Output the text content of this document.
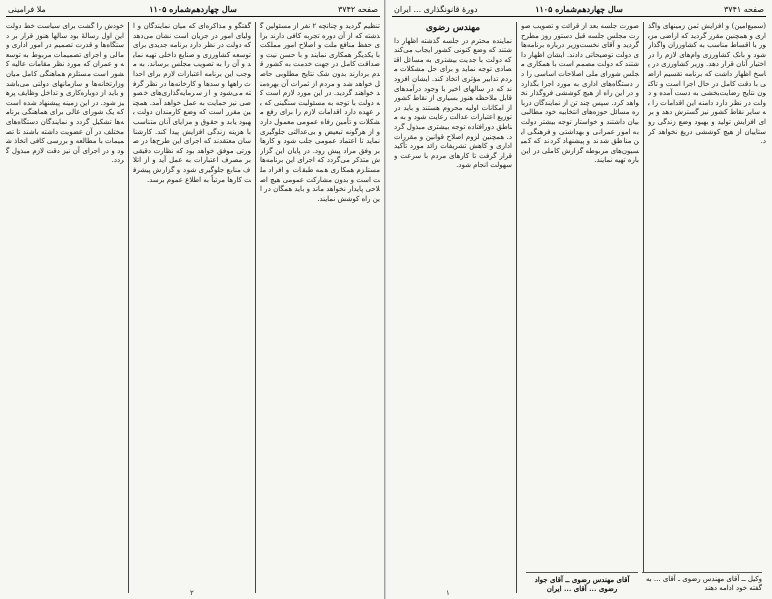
صفحه ۳۷۴۲
سال چهاردهم‌شماره ۱۱۰۵
ملا فرامینی‌
تنظیم گردید و چنانچه ۲ نفر از مسئولین گذشته که از آن دوره تجربه کافی دارند برای حفظ منافع ملت و اصلاح امور مملکت با یکدیگر همکاری نمایند و با حسن نیت و صداقت کامل در جهت خدمت به کشور قدم بردارند بدون شک نتایج مطلوبی حاصل خواهد شد و مردم از ثمرات آن بهره‌مند خواهند گردید. در این مورد لازم است که دولت با توجه به مسئولیت سنگینی که بر عهده دارد اقدامات لازم را برای رفع مشکلات و تأمین رفاه عمومی معمول دارد و از هرگونه تبعیض و بی‌عدالتی جلوگیری نماید تا اعتماد عمومی جلب شود و کارها بر وفق مراد پیش رود. در پایان این گزارش متذکر می‌گردد که اجرای این برنامه‌ها مستلزم همکاری همه طبقات و افراد ملت است و بدون مشارکت عمومی هیچ اصلاحی پایدار نخواهد ماند و باید همگان در این راه کوشش نمایند.
گفتگو و مذاکره‌ای که میان نمایندگان و اولیای امور در جریان است نشان می‌دهد که دولت در نظر دارد برنامه جدیدی برای توسعه کشاورزی و صنایع داخلی تهیه نماید و آن را به تصویب مجلس برساند. به موجب این برنامه اعتبارات لازم برای احداث راهها و سدها و کارخانه‌ها در نظر گرفته می‌شود و از سرمایه‌گذاری‌های خصوصی نیز حمایت به عمل خواهد آمد. همچنین مقرر است که وضع کارمندان دولت بهبود یابد و حقوق و مزایای آنان متناسب با هزینه زندگی افزایش پیدا کند. کارشناسان معتقدند که اجرای این طرح‌ها در صورتی موفق خواهد بود که نظارت دقیقی بر مصرف اعتبارات به عمل آید و از اتلاف منابع جلوگیری شود و گزارش پیشرفت کارها مرتباً به اطلاع عموم برسد.
خودش را گشت برای سیاست خط دولت این اول رسالۀ بود سالها هنوز قرار بر دستگاه‌ها و قدرت تصمیم در امور اداری و مالی و اجرای تصمیمات مربوط به توسعه و عمران که مورد نظر مقامات عالیه کشور است مستلزم هماهنگی کامل میان وزارتخانه‌ها و سازمانهای دولتی می‌باشد و باید از دوباره‌کاری و تداخل وظایف پرهیز شود. در این زمینه پیشنهاد شده است که یک شورای عالی برای هماهنگی برنامه‌ها تشکیل گردد و نمایندگان دستگاه‌های مختلف در آن عضویت داشته باشند تا تصمیمات با مطالعه و بررسی کافی اتخاذ شود و در اجرای آن نیز دقت لازم مبذول گردد.
۲
صفحه ۳۷۴۱
سال چهاردهم‌شماره ۱۱۰۵
دورۀ قانونگذاری ... ایران
(سمیع‌امین) و افزایش ثمن زمینهای واگذاری و همچنین مقرر گردید که اراضی مزبور با اقساط مناسب به کشاورزان واگذار شود و بانک کشاورزی وام‌های لازم را در اختیار آنان قرار دهد. وزیر کشاورزی در پاسخ اظهار داشت که برنامه تقسیم اراضی با دقت کامل در حال اجرا است و تاکنون نتایج رضایت‌بخشی به دست آمده و دولت در نظر دارد دامنه این اقدامات را به سایر نقاط کشور نیز گسترش دهد و برای افزایش تولید و بهبود وضع زندگی روستاییان از هیچ کوششی دریغ نخواهد کرد.
صورت جلسه بعد از قرائت و تصویب صورت مجلس جلسه قبل دستور روز مطرح گردید و آقای نخست‌وزیر درباره برنامه‌های دولت توضیحاتی دادند. ایشان اظهار داشتند که دولت مصمم است با همکاری مجلس شورای ملی اصلاحات اساسی را در دستگاه‌های اداری به مورد اجرا بگذارد و در این راه از هیچ کوششی فروگذار نخواهد کرد. سپس چند تن از نمایندگان درباره مسائل حوزه‌های انتخابیه خود مطالبی بیان داشتند و خواستار توجه بیشتر دولت به امور عمرانی و بهداشتی و فرهنگی این مناطق شدند و پیشنهاد کردند که کمیسیون‌های مربوطه گزارش کاملی در این باره تهیه نمایند.
مهندس رضوی
نماینده محترم در جلسه گذشته اظهار داشتند که وضع کنونی کشور ایجاب می‌کند که دولت با جدیت بیشتری به مسائل اقتصادی توجه نماید و برای حل مشکلات مردم تدابیر مؤثری اتخاذ کند. ایشان افزودند که در سالهای اخیر با وجود درآمدهای قابل ملاحظه هنوز بسیاری از نقاط کشور از امکانات اولیه محروم هستند و باید در توزیع اعتبارات عدالت رعایت شود و به مناطق دورافتاده توجه بیشتری مبذول گردد. همچنین لزوم اصلاح قوانین و مقررات اداری و کاهش تشریفات زائد مورد تأکید قرار گرفت تا کارهای مردم با سرعت و سهولت انجام شود.
آقای مهندس رضوی ــ آقای جواد رضوی ... آقای ... ایران
وکیل ــ آقای مهندس رضوی ـ آقای ... به گفته خود ادامه دهند
۱
